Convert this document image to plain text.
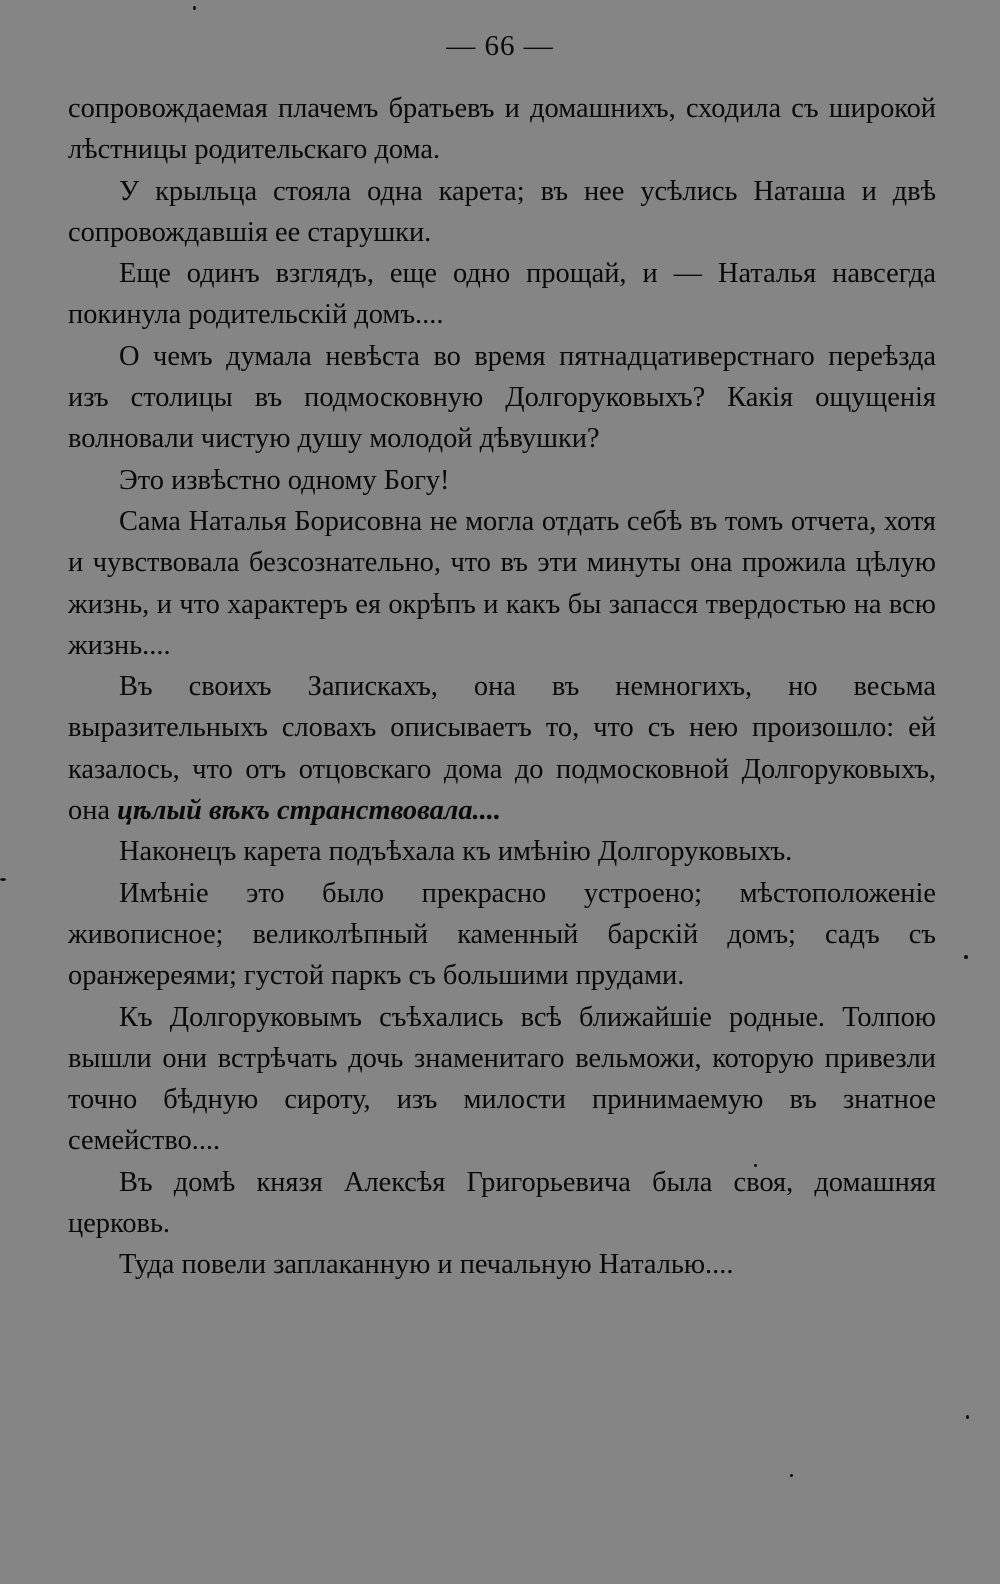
— 66 —

сопровождаемая плачемъ братьевъ и домашнихъ, сходила съ широкой лѣстницы родительскаго дома.

У крыльца стояла одна карета; въ нее усѣлись Наташа и двѣ сопровождавшія ее старушки.

Еще одинъ взглядъ, еще одно прощай, и — Наталья навсегда покинула родительскій домъ....

О чемъ думала невѣста во время пятнадцативерстнаго переѣзда изъ столицы въ подмосковную Долгоруковыхъ? Какія ощущенія волновали чистую душу молодой дѣвушки?

Это извѣстно одному Богу!

Сама Наталья Борисовна не могла отдать себѣ въ томъ отчета, хотя и чувствовала безсознательно, что въ эти минуты она прожила цѣлую жизнь, и что характеръ ея окрѣпъ и какъ бы запасся твердостью на всю жизнь....

Въ своихъ Запискахъ, она въ немногихъ, но весьма выразительныхъ словахъ описываетъ то, что съ нею произошло: ей казалось, что отъ отцовскаго дома до подмосковной Долгоруковыхъ, она цѣлый вѣкъ странствовала....

Наконецъ карета подъѣхала къ имѣнію Долгоруковыхъ.

Имѣніе это было прекрасно устроено; мѣстоположеніе живописное; великолѣпный каменный барскій домъ; садъ съ оранжереями; густой паркъ съ большими прудами.

Къ Долгоруковымъ съѣхались всѣ ближайшіе родные. Толпою вышли они встрѣчать дочь знаменитаго вельможи, которую привезли точно бѣдную сироту, изъ милости принимаемую въ знатное семейство....

Въ домѣ князя Алексѣя Григорьевича была своя, домашняя церковь.

Туда повели заплаканную и печальную Наталью....
